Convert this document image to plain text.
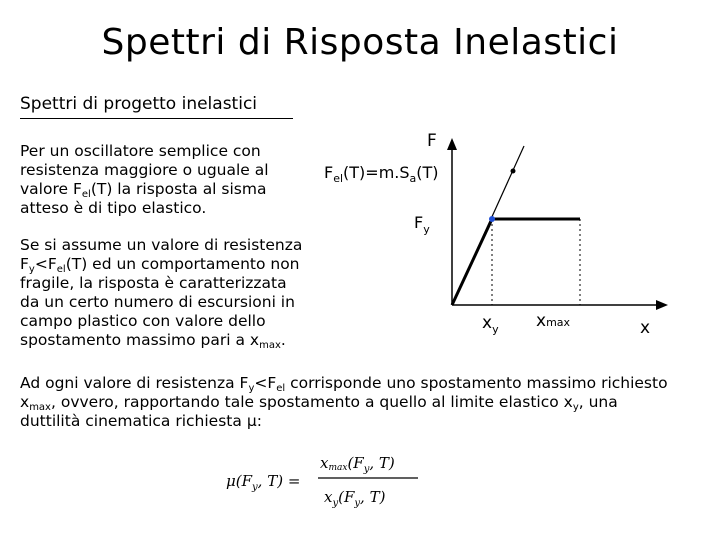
Spettri di Risposta Inelastici
Spettri di progetto inelastici
Per un oscillatore semplice con
resistenza maggiore o uguale al
valore $F_{el}(T)$ la risposta al sisma
atteso è di tipo elastico.
Se si assume un valore di resistenza
$F_y<F_{el}(T)$ ed un comportamento non
fragile, la risposta è caratterizzata
da un certo numero di escursioni in
campo plastico con valore dello
spostamento massimo pari a $x_{max}$.
Ad ogni valore di resistenza $F_y<F_{el}$ corrisponde uno spostamento massimo richiesto
$x_{max}$, ovvero, rapportando tale spostamento a quello al limite elastico $x_y$, una
duttilità cinematica richiesta μ:
F
$F_{el}(T)=m.S_a(T)$
$F_y$
$x_y$ xmax	x
$\mu(F_y$, T) =
$xmax(F_y$, T)
$x_y(F_y$, T)
